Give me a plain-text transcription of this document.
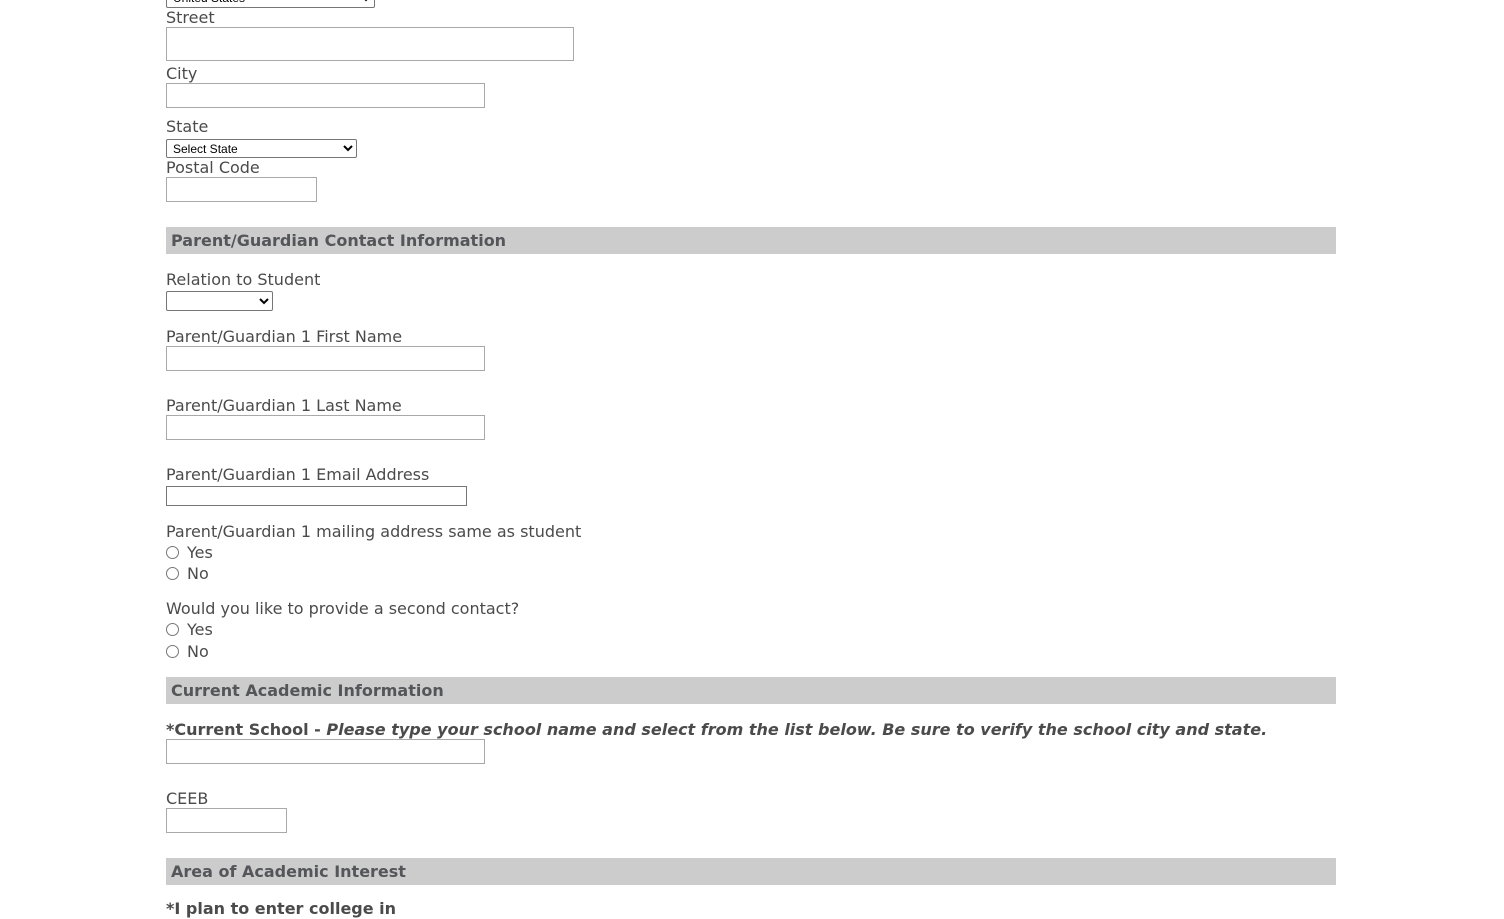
United States
Street
City
State
Select State
Postal Code
Parent/Guardian Contact Information
Relation to Student
Parent/Guardian 1 First Name
Parent/Guardian 1 Last Name
Parent/Guardian 1 Email Address
Parent/Guardian 1 mailing address same as student
Yes
No
Would you like to provide a second contact?
Yes
No
Current Academic Information
*Current School - Please type your school name and select from the list below. Be sure to verify the school city and state.
CEEB
Area of Academic Interest
*I plan to enter college in
